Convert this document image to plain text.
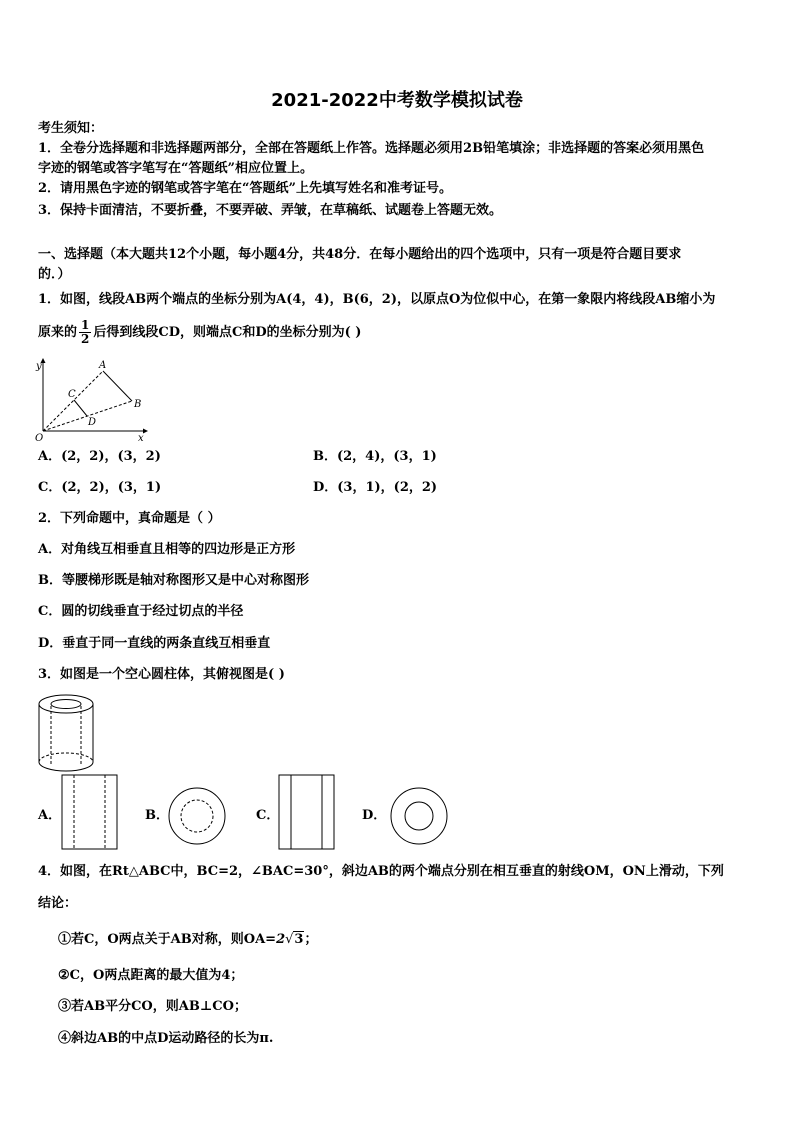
2021-2022中考数学模拟试卷
考生须知：
1．全卷分选择题和非选择题两部分，全部在答题纸上作答。选择题必须用2B铅笔填涂；非选择题的答案必须用黑色
字迹的钢笔或答字笔写在“答题纸”相应位置上。
2．请用黑色字迹的钢笔或答字笔在“答题纸”上先填写姓名和准考证号。
3．保持卡面清洁，不要折叠，不要弄破、弄皱，在草稿纸、试题卷上答题无效。
一、选择题（本大题共12个小题，每小题4分，共48分．在每小题给出的四个选项中，只有一项是符合题目要求
的．）
1．如图，线段AB两个端点的坐标分别为A(4，4)，B(6，2)，以原点O为位似中心，在第一象限内将线段AB缩小为
原来的 $\frac{1}{2}$ 后得到线段CD，则端点C和D的坐标分别为( )
y
x
O
A
B
C
D
A．(2，2)，(3，2)	B．(2，4)，(3，1)
C．(2，2)，(3，1)	D．(3，1)，(2，2)
2．下列命题中，真命题是（ ）
A．对角线互相垂直且相等的四边形是正方形
B．等腰梯形既是轴对称图形又是中心对称图形
C．圆的切线垂直于经过切点的半径
D．垂直于同一直线的两条直线互相垂直
3．如图是一个空心圆柱体，其俯视图是( )
A．	B．	C．	D．
4．如图，在Rt△ABC中，BC=2，∠BAC=30°，斜边AB的两个端点分别在相互垂直的射线OM，ON上滑动，下列
结论：
①若C，O两点关于AB对称，则OA=2√3；
②C，O两点距离的最大值为4；
③若AB平分CO，则AB⊥CO；
④斜边AB的中点D运动路径的长为π.
